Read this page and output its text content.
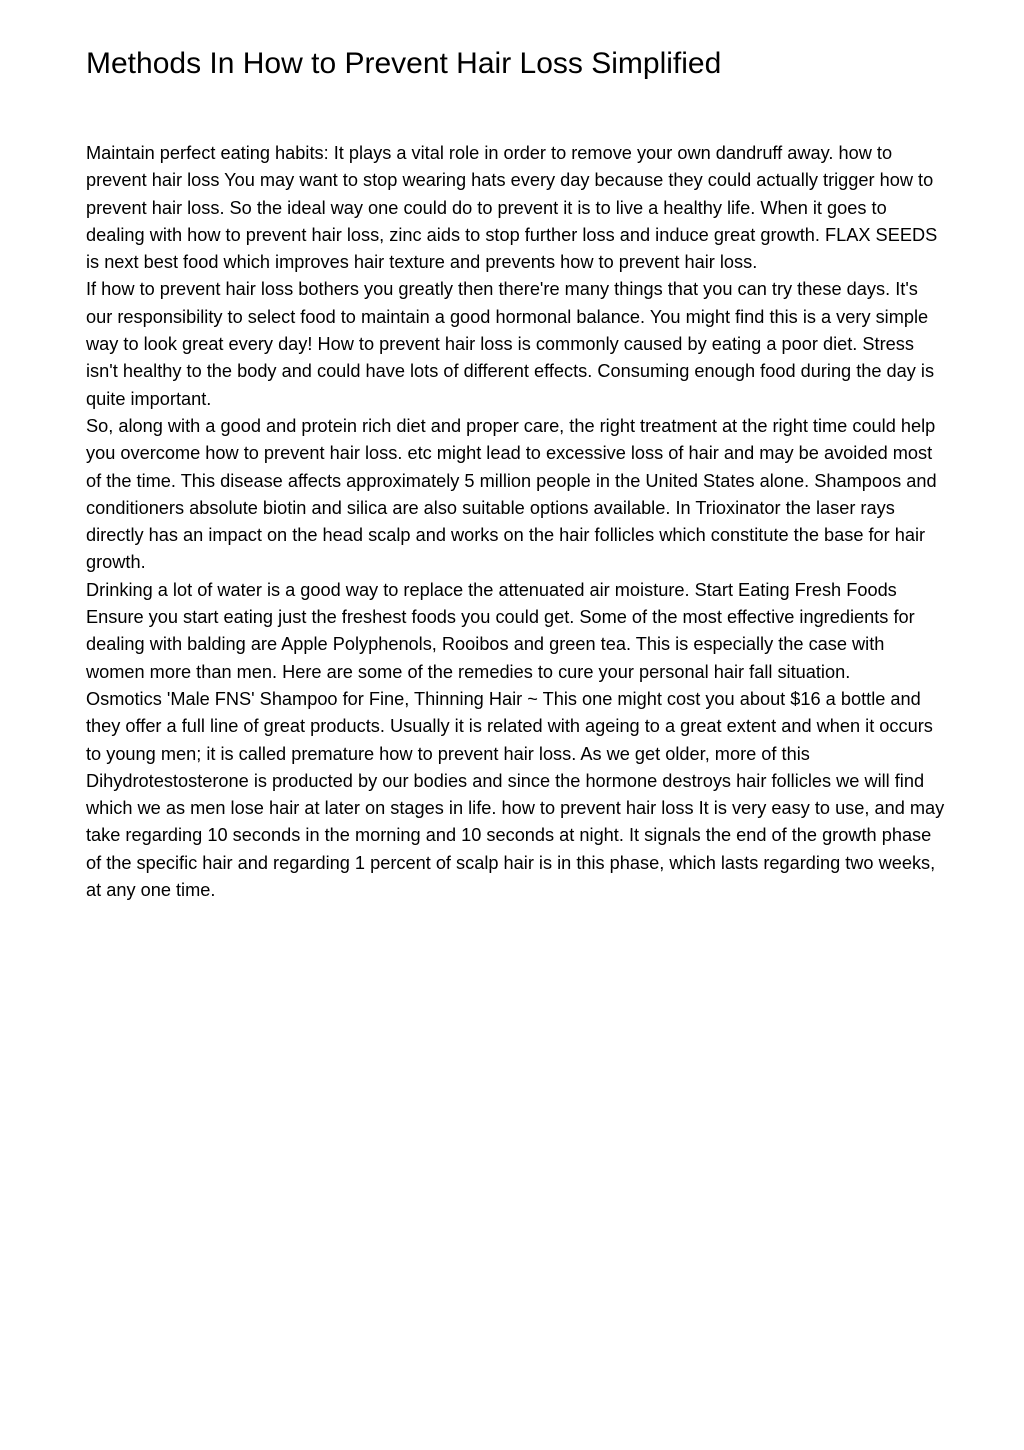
Methods In How to Prevent Hair Loss Simplified

Maintain perfect eating habits: It plays a vital role in order to remove your own dandruff away. how to prevent hair loss You may want to stop wearing hats every day because they could actually trigger how to prevent hair loss. So the ideal way one could do to prevent it is to live a healthy life. When it goes to dealing with how to prevent hair loss, zinc aids to stop further loss and induce great growth. FLAX SEEDS is next best food which improves hair texture and prevents how to prevent hair loss.

If how to prevent hair loss bothers you greatly then there're many things that you can try these days. It's our responsibility to select food to maintain a good hormonal balance. You might find this is a very simple way to look great every day! How to prevent hair loss is commonly caused by eating a poor diet. Stress isn't healthy to the body and could have lots of different effects. Consuming enough food during the day is quite important.

So, along with a good and protein rich diet and proper care, the right treatment at the right time could help you overcome how to prevent hair loss. etc might lead to excessive loss of hair and may be avoided most of the time. This disease affects approximately 5 million people in the United States alone. Shampoos and conditioners absolute biotin and silica are also suitable options available. In Trioxinator the laser rays directly has an impact on the head scalp and works on the hair follicles which constitute the base for hair growth.

Drinking a lot of water is a good way to replace the attenuated air moisture. Start Eating Fresh Foods Ensure you start eating just the freshest foods you could get. Some of the most effective ingredients for dealing with balding are Apple Polyphenols, Rooibos and green tea. This is especially the case with women more than men. Here are some of the remedies to cure your personal hair fall situation.

Osmotics 'Male FNS' Shampoo for Fine, Thinning Hair ~ This one might cost you about $16 a bottle and they offer a full line of great products. Usually it is related with ageing to a great extent and when it occurs to young men; it is called premature how to prevent hair loss. As we get older, more of this Dihydrotestosterone is producted by our bodies and since the hormone destroys hair follicles we will find which we as men lose hair at later on stages in life. how to prevent hair loss It is very easy to use, and may take regarding 10 seconds in the morning and 10 seconds at night. It signals the end of the growth phase of the specific hair and regarding 1 percent of scalp hair is in this phase, which lasts regarding two weeks, at any one time.
